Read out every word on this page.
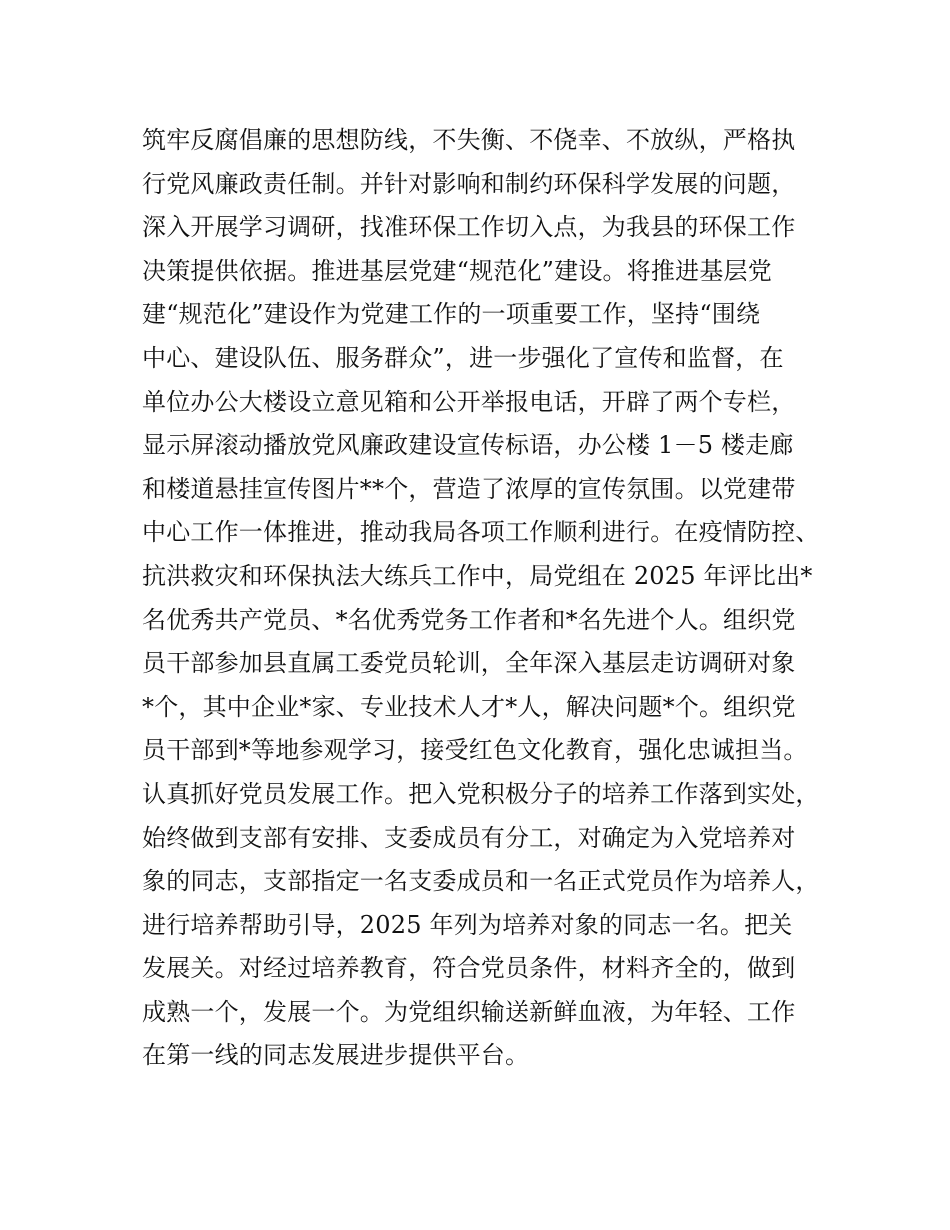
筑牢反腐倡廉的思想防线，不失衡、不侥幸、不放纵，严格执
行党风廉政责任制。并针对影响和制约环保科学发展的问题，
深入开展学习调研，找准环保工作切入点，为我县的环保工作
决策提供依据。推进基层党建“规范化”建设。将推进基层党
建“规范化”建设作为党建工作的一项重要工作，坚持“围绕
中心、建设队伍、服务群众”，进一步强化了宣传和监督，在
单位办公大楼设立意见箱和公开举报电话，开辟了两个专栏，
显示屏滚动播放党风廉政建设宣传标语，办公楼 1－5 楼走廊
和楼道悬挂宣传图片**个，营造了浓厚的宣传氛围。以党建带
中心工作一体推进，推动我局各项工作顺利进行。在疫情防控、
抗洪救灾和环保执法大练兵工作中，局党组在 2025 年评比出*
名优秀共产党员、*名优秀党务工作者和*名先进个人。组织党
员干部参加县直属工委党员轮训，全年深入基层走访调研对象
*个，其中企业*家、专业技术人才*人，解决问题*个。组织党
员干部到*等地参观学习，接受红色文化教育，强化忠诚担当。
认真抓好党员发展工作。把入党积极分子的培养工作落到实处，
始终做到支部有安排、支委成员有分工，对确定为入党培养对
象的同志，支部指定一名支委成员和一名正式党员作为培养人，
进行培养帮助引导，2025 年列为培养对象的同志一名。把关
发展关。对经过培养教育，符合党员条件，材料齐全的，做到
成熟一个，发展一个。为党组织输送新鲜血液，为年轻、工作
在第一线的同志发展进步提供平台。
